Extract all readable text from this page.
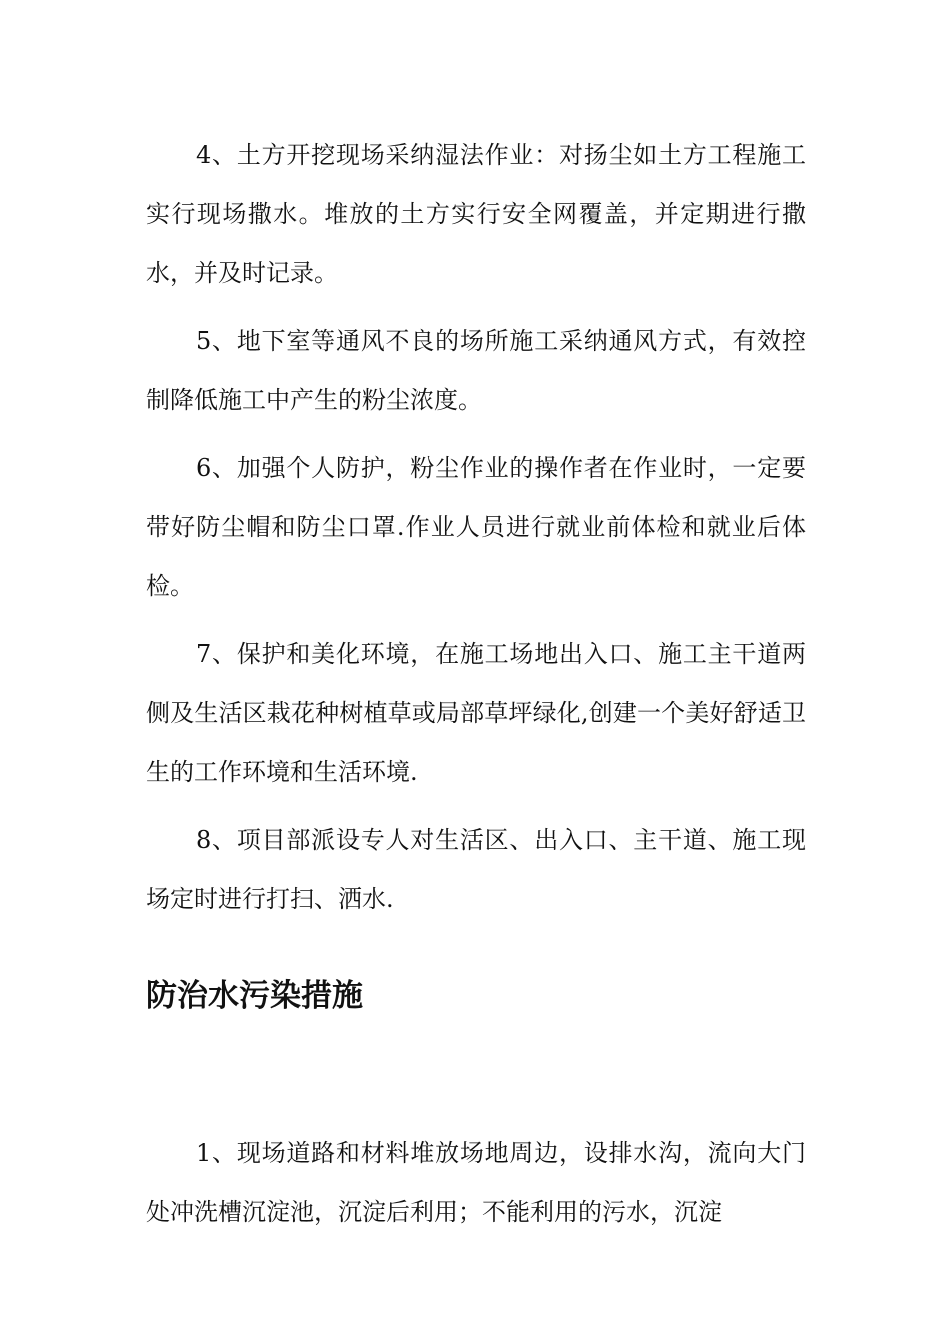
4、土方开挖现场采纳湿法作业：对扬尘如土方工程施工实行现场撒水。堆放的土方实行安全网覆盖，并定期进行撒水，并及时记录。

5、地下室等通风不良的场所施工采纳通风方式，有效控制降低施工中产生的粉尘浓度。

6、加强个人防护，粉尘作业的操作者在作业时，一定要带好防尘帽和防尘口罩.作业人员进行就业前体检和就业后体检。

7、保护和美化环境，在施工场地出入口、施工主干道两侧及生活区栽花种树植草或局部草坪绿化,创建一个美好舒适卫生的工作环境和生活环境.

8、项目部派设专人对生活区、出入口、主干道、施工现场定时进行打扫、洒水.

防治水污染措施

1、现场道路和材料堆放场地周边，设排水沟，流向大门处冲洗槽沉淀池，沉淀后利用；不能利用的污水，沉淀
